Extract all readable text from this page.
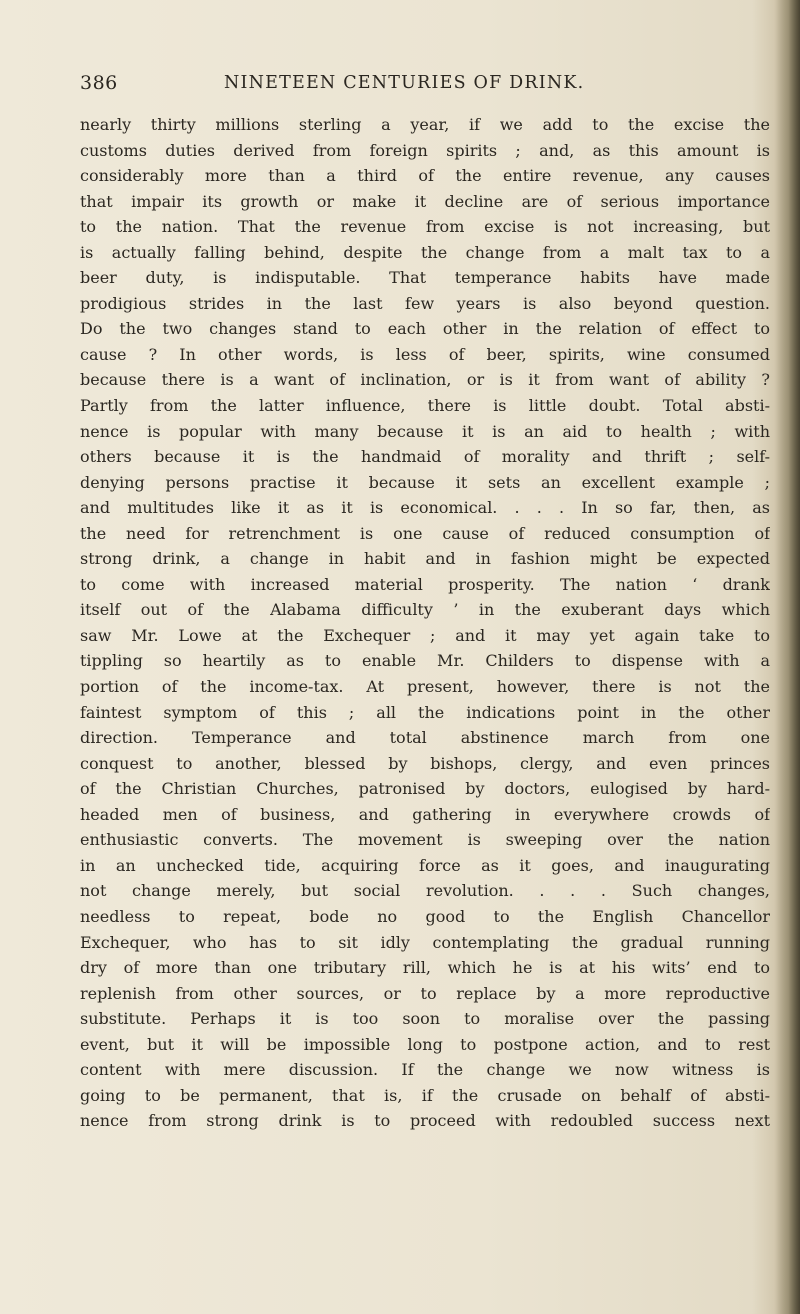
386	NINETEEN CENTURIES OF DRINK.
nearly thirty millions sterling a year, if we add to the excise the
customs duties derived from foreign spirits ; and, as this amount is
considerably more than a third of the entire revenue, any causes
that impair its growth or make it decline are of serious importance
to the nation. That the revenue from excise is not increasing, but
is actually falling behind, despite the change from a malt tax to a
beer duty, is indisputable. That temperance habits have made
prodigious strides in the last few years is also beyond question.
Do the two changes stand to each other in the relation of effect to
cause ? In other words, is less of beer, spirits, wine consumed
because there is a want of inclination, or is it from want of ability ?
Partly from the latter influence, there is little doubt. Total absti-
nence is popular with many because it is an aid to health ; with
others because it is the handmaid of morality and thrift ; self-
denying persons practise it because it sets an excellent example ;
and multitudes like it as it is economical. . . . In so far, then, as
the need for retrenchment is one cause of reduced consumption of
strong drink, a change in habit and in fashion might be expected
to come with increased material prosperity. The nation ‘ drank
itself out of the Alabama difficulty ’ in the exuberant days which
saw Mr. Lowe at the Exchequer ; and it may yet again take to
tippling so heartily as to enable Mr. Childers to dispense with a
portion of the income-tax. At present, however, there is not the
faintest symptom of this ; all the indications point in the other
direction. Temperance and total abstinence march from one
conquest to another, blessed by bishops, clergy, and even princes
of the Christian Churches, patronised by doctors, eulogised by hard-
headed men of business, and gathering in everywhere crowds of
enthusiastic converts. The movement is sweeping over the nation
in an unchecked tide, acquiring force as it goes, and inaugurating
not change merely, but social revolution. . . . Such changes,
needless to repeat, bode no good to the English Chancellor
Exchequer, who has to sit idly contemplating the gradual running
dry of more than one tributary rill, which he is at his wits’ end to
replenish from other sources, or to replace by a more reproductive
substitute. Perhaps it is too soon to moralise over the passing
event, but it will be impossible long to postpone action, and to rest
content with mere discussion. If the change we now witness is
going to be permanent, that is, if the crusade on behalf of absti-
nence from strong drink is to proceed with redoubled success next
